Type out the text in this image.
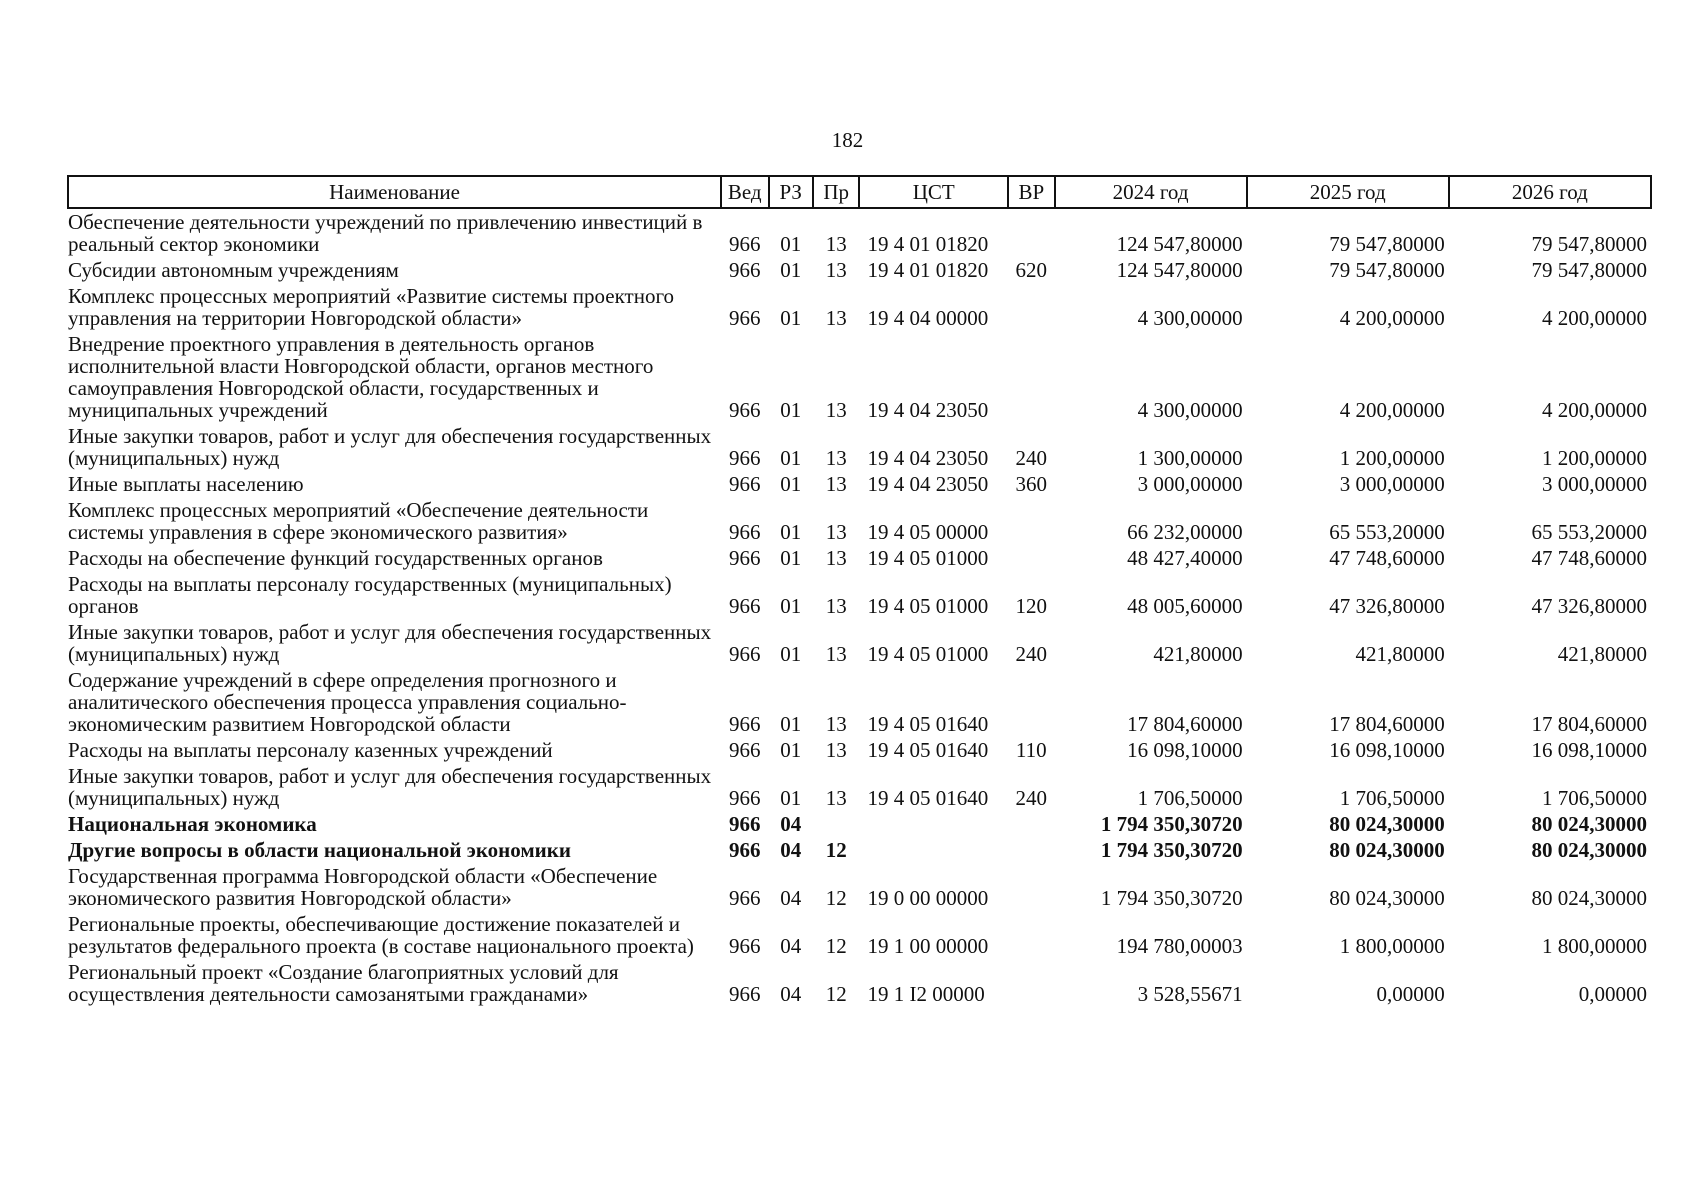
182
Наименование	Вед	РЗ	Пр	ЦСТ	ВР	2024 год	2025 год	2026 год
Обеспечение деятельности учреждений по привлечению инвестиций в реальный сектор экономики	966	01	13	19 4 01 01820		124 547,80000	79 547,80000	79 547,80000
Субсидии автономным учреждениям	966	01	13	19 4 01 01820	620	124 547,80000	79 547,80000	79 547,80000
Комплекс процессных мероприятий «Развитие системы проектного управления на территории Новгородской области»	966	01	13	19 4 04 00000		4 300,00000	4 200,00000	4 200,00000
Внедрение проектного управления в деятельность органов исполнительной власти Новгородской области, органов местного самоуправления Новгородской области, государственных и муниципальных учреждений	966	01	13	19 4 04 23050		4 300,00000	4 200,00000	4 200,00000
Иные закупки товаров, работ и услуг для обеспечения государственных (муниципальных) нужд	966	01	13	19 4 04 23050	240	1 300,00000	1 200,00000	1 200,00000
Иные выплаты населению	966	01	13	19 4 04 23050	360	3 000,00000	3 000,00000	3 000,00000
Комплекс процессных мероприятий «Обеспечение деятельности системы управления в сфере экономического развития»	966	01	13	19 4 05 00000		66 232,00000	65 553,20000	65 553,20000
Расходы на обеспечение функций государственных органов	966	01	13	19 4 05 01000		48 427,40000	47 748,60000	47 748,60000
Расходы на выплаты персоналу государственных (муниципальных) органов	966	01	13	19 4 05 01000	120	48 005,60000	47 326,80000	47 326,80000
Иные закупки товаров, работ и услуг для обеспечения государственных (муниципальных) нужд	966	01	13	19 4 05 01000	240	421,80000	421,80000	421,80000
Содержание учреждений в сфере определения прогнозного и аналитического обеспечения процесса управления социально-экономическим развитием Новгородской области	966	01	13	19 4 05 01640		17 804,60000	17 804,60000	17 804,60000
Расходы на выплаты персоналу казенных учреждений	966	01	13	19 4 05 01640	110	16 098,10000	16 098,10000	16 098,10000
Иные закупки товаров, работ и услуг для обеспечения государственных (муниципальных) нужд	966	01	13	19 4 05 01640	240	1 706,50000	1 706,50000	1 706,50000
Национальная экономика	966	04				1 794 350,30720	80 024,30000	80 024,30000
Другие вопросы в области национальной экономики	966	04	12			1 794 350,30720	80 024,30000	80 024,30000
Государственная программа Новгородской области «Обеспечение экономического развития Новгородской области»	966	04	12	19 0 00 00000		1 794 350,30720	80 024,30000	80 024,30000
Региональные проекты, обеспечивающие достижение показателей и результатов федерального проекта (в составе национального проекта)	966	04	12	19 1 00 00000		194 780,00003	1 800,00000	1 800,00000
Региональный проект «Создание благоприятных условий для осуществления деятельности самозанятыми гражданами»	966	04	12	19 1 I2 00000		3 528,55671	0,00000	0,00000
